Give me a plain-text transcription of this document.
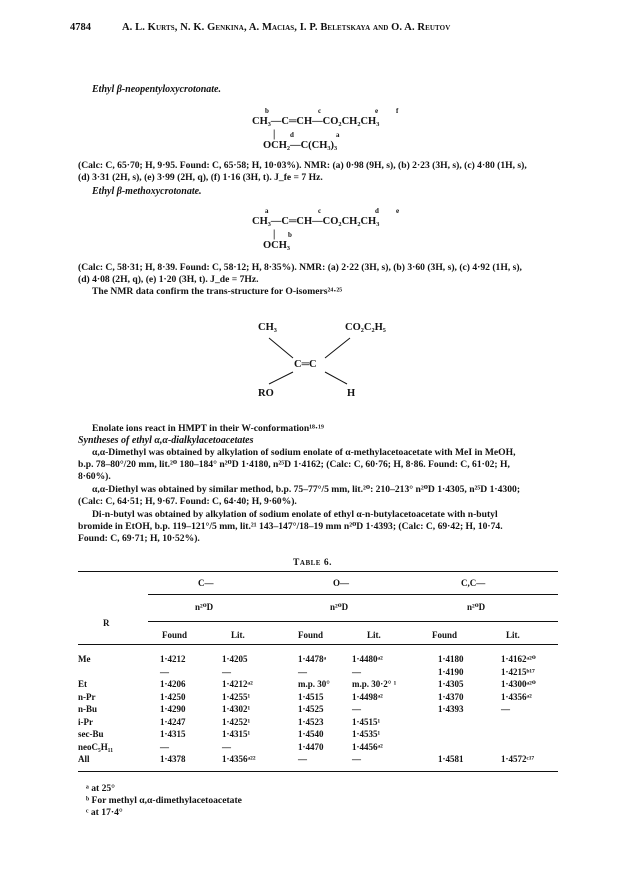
4784	A. L. Kurts, N. K. Genkina, A. Macias, I. P. Beletskaya and O. A. Reutov
Ethyl β-neopentyloxycrotonate.
b	c	e	f
CH₃—C═CH—CO₂CH₂CH₃
| d	a
OCH₂—C(CH₃)₃
(Calc: C, 65·70; H, 9·95. Found: C, 65·58; H, 10·03%). NMR: (a) 0·98 (9H, s), (b) 2·23 (3H, s), (c) 4·80 (1H, s),
(d) 3·31 (2H, s), (e) 3·99 (2H, q), (f) 1·16 (3H, t). J_fe = 7 Hz.
Ethyl β-methoxycrotonate.
a	c	d e
CH₃—C═CH—CO₂CH₂CH₃
| b
OCH₃
(Calc: C, 58·31; H, 8·39. Found: C, 58·12; H, 8·35%). NMR: (a) 2·22 (3H, s), (b) 3·60 (3H, s), (c) 4·92 (1H, s),
(d) 4·08 (2H, q), (e) 1·20 (3H, t). J_de = 7Hz.
The NMR data confirm the trans-structure for O-isomers²⁴·²⁵
CH₃	CO₂C₂H₅
C═C
RO	H
Enolate ions react in HMPT in their W-conformation¹⁸·¹⁹
Syntheses of ethyl α,α-dialkylacetoacetates
α,α-Dimethyl was obtained by alkylation of sodium enolate of α-methylacetoacetate with MeI in MeOH,
b.p. 78–80°/20 mm, lit.²⁰ 180–184° n²⁰D 1·4180, n²⁵D 1·4162; (Calc: C, 60·76; H, 8·86. Found: C, 61·02; H,
8·60%).
α,α-Diethyl was obtained by similar method, b.p. 75–77°/5 mm, lit.²⁰: 210–213° n²⁰D 1·4305, n²⁵D 1·4300;
(Calc: C, 64·51; H, 9·67. Found: C, 64·40; H, 9·60%).
Di-n-butyl was obtained by alkylation of sodium enolate of ethyl α-n-butylacetoacetate with n-butyl
bromide in EtOH, b.p. 119–121°/5 mm, lit.²¹ 143–147°/18–19 mm n²⁰D 1·4393; (Calc: C, 69·42; H, 10·74.
Found: C, 69·71; H, 10·52%).
Table 6.
C—	O—	C,C—
n²⁰D	n²⁰D	n²⁰D
R
Found	Lit.	Found	Lit.	Found	Lit.
Me	1·4212	1·4205	1·4478ᵃ	1·4480ᵃ²	1·4180	1·4162ᵃ²⁰
—	—	—	—	1·4190	1·4215ᵇ¹⁷
Et	1·4206	1·4212ᵃ²	m.p. 30° m.p. 30·2° ¹	1·4305	1·4300ᵃ²⁰
n-Pr	1·4250	1·4255¹	1·4515	1·4498ᵃ²	1·4370	1·4356ᵃ²
n-Bu	1·4290	1·4302¹	1·4525	—	1·4393	—
i-Pr	1·4247	1·4252¹	1·4523	1·4515¹
sec-Bu	1·4315	1·4315¹	1·4540	1·4535¹
neoC₅H₁₁	—	—	1·4470	1·4456ᵃ²
All	1·4378	1·4356ᵃ²²	—	—	1·4581	1·4572ᶜ¹⁷
ᵃ at 25°
ᵇ For methyl α,α-dimethylacetoacetate
ᶜ at 17·4°
